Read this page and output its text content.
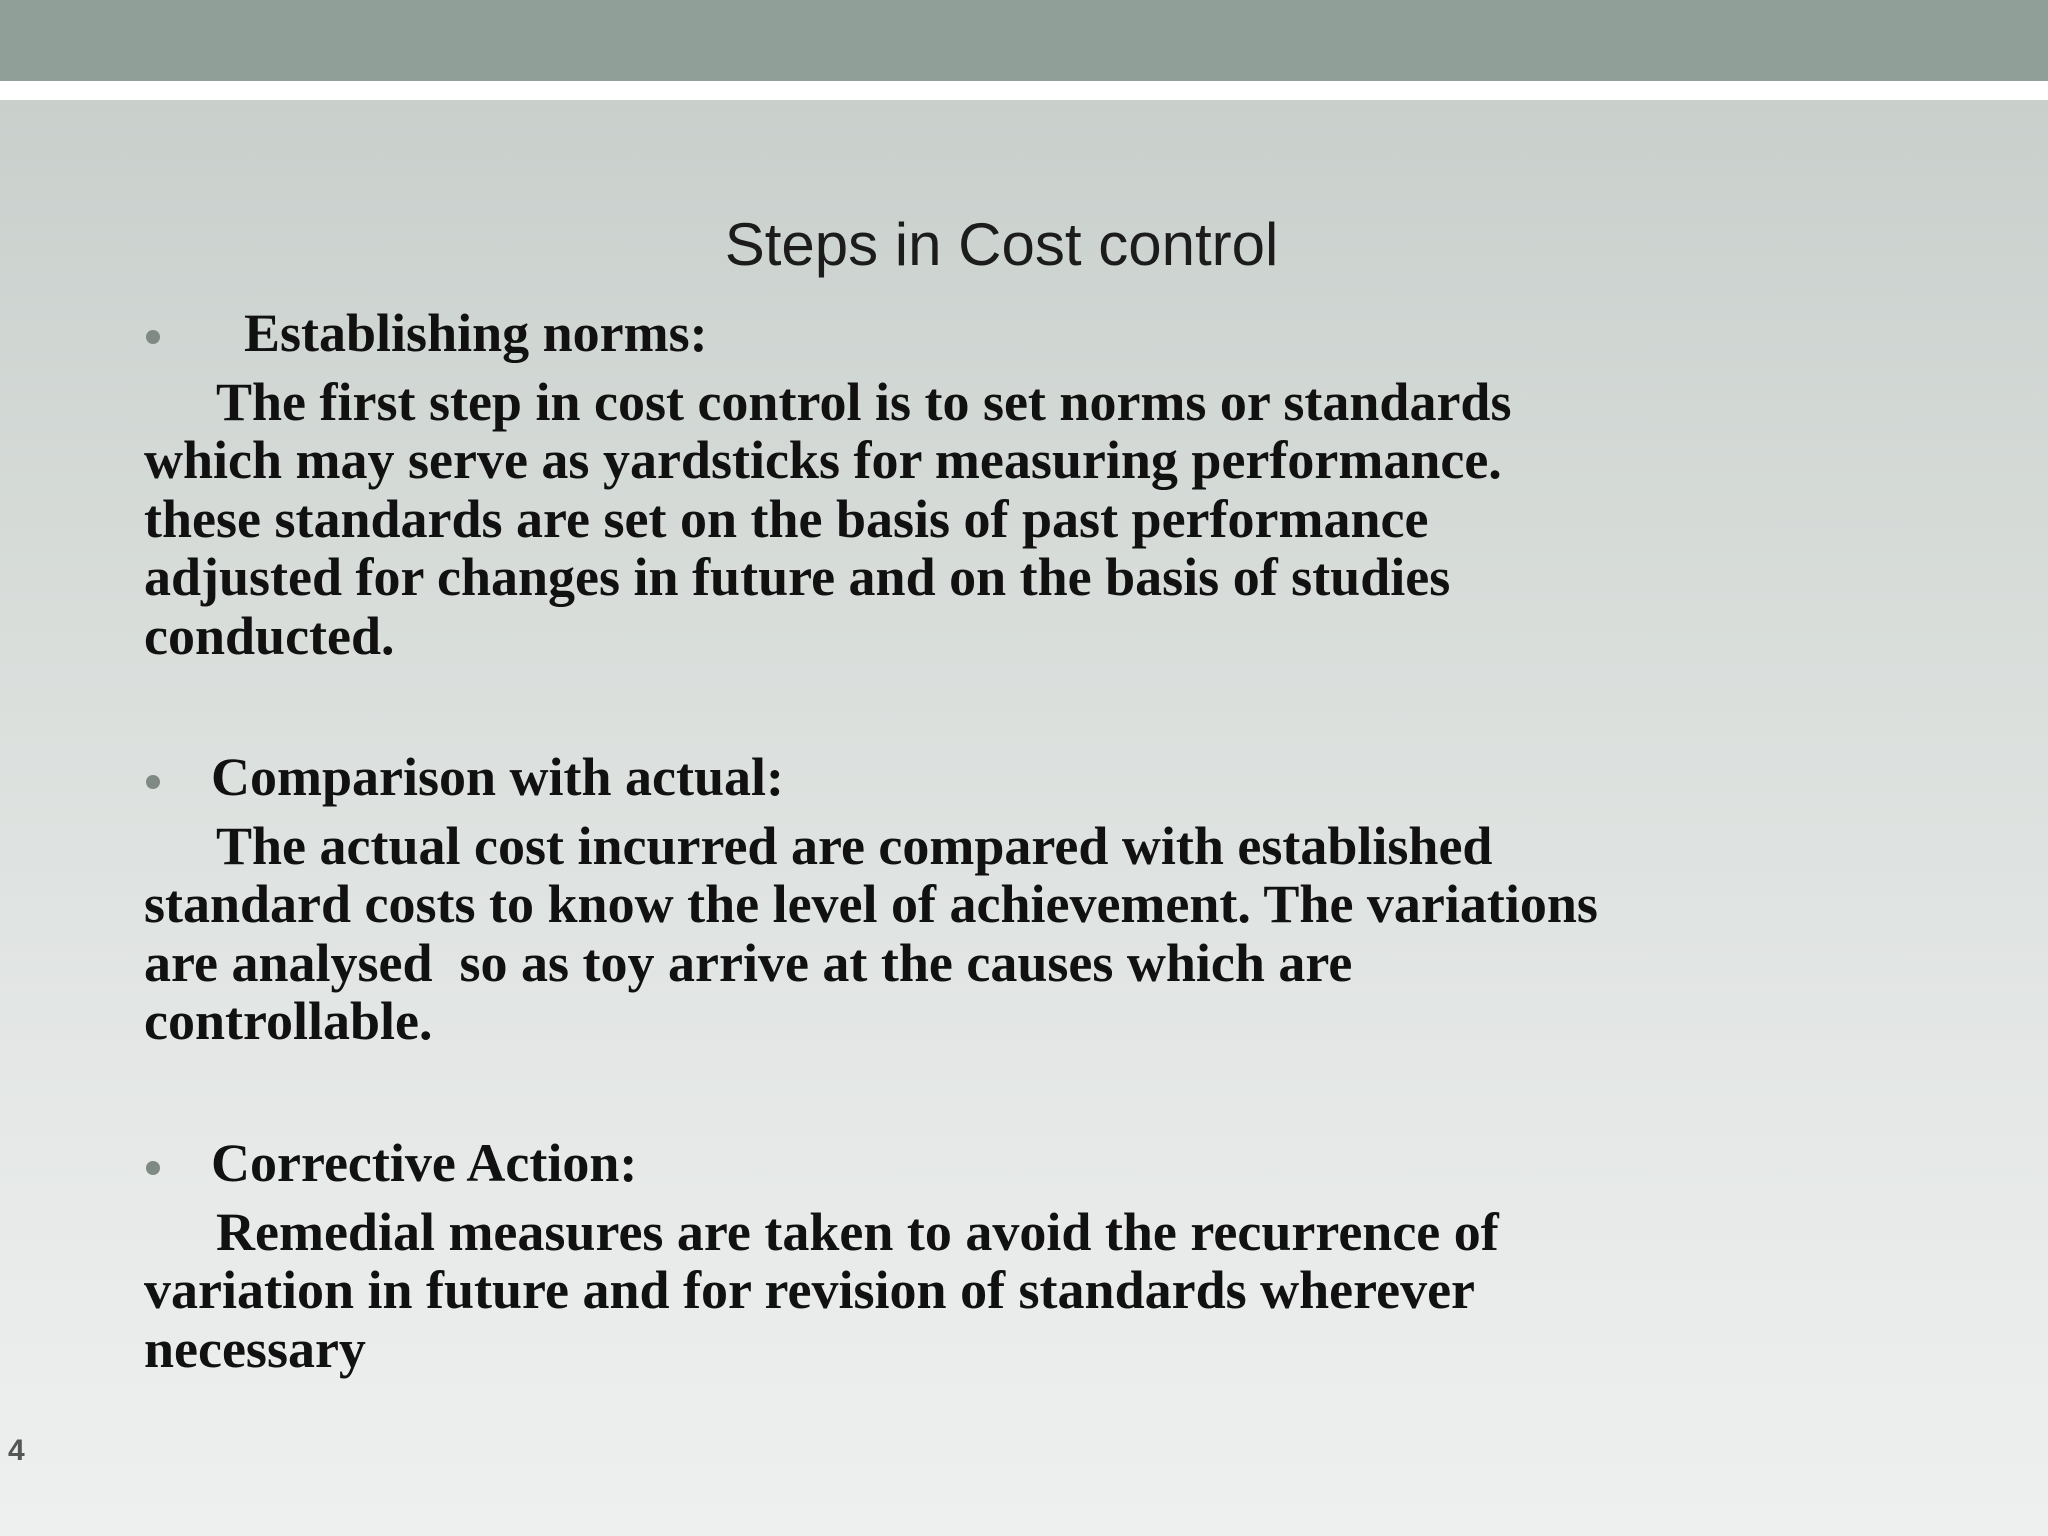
Steps in Cost control
Establishing norms:
The first step in cost control is to set norms or standards
which may serve as yardsticks for measuring performance.
these standards are set on the basis of past performance
adjusted for changes in future and on the basis of studies
conducted.
Comparison with actual:
The actual cost incurred are compared with established
standard costs to know the level of achievement. The variations
are analysed  so as toy arrive at the causes which are
controllable.
Corrective Action:
Remedial measures are taken to avoid the recurrence of
variation in future and for revision of standards wherever
necessary
4
